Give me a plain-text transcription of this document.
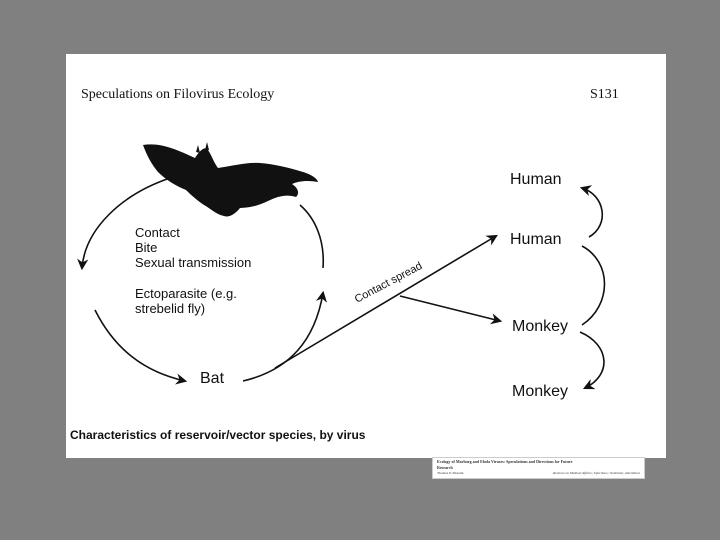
Speculations on Filovirus Ecology	S131
Contact spread
Contact
Bite
Sexual transmission
Ectoparasite (e.g. strebelid fly)
Bat
Human
Human
Monkey
Monkey
Characteristics of reservoir/vector species, by virus
Ecology of Marburg and Ebola Viruses: Speculations and Directions for Future
Research
Thomas P. Monath	Reviews on Medical Affairs; Infectious; Outbreak; Alarmlines
